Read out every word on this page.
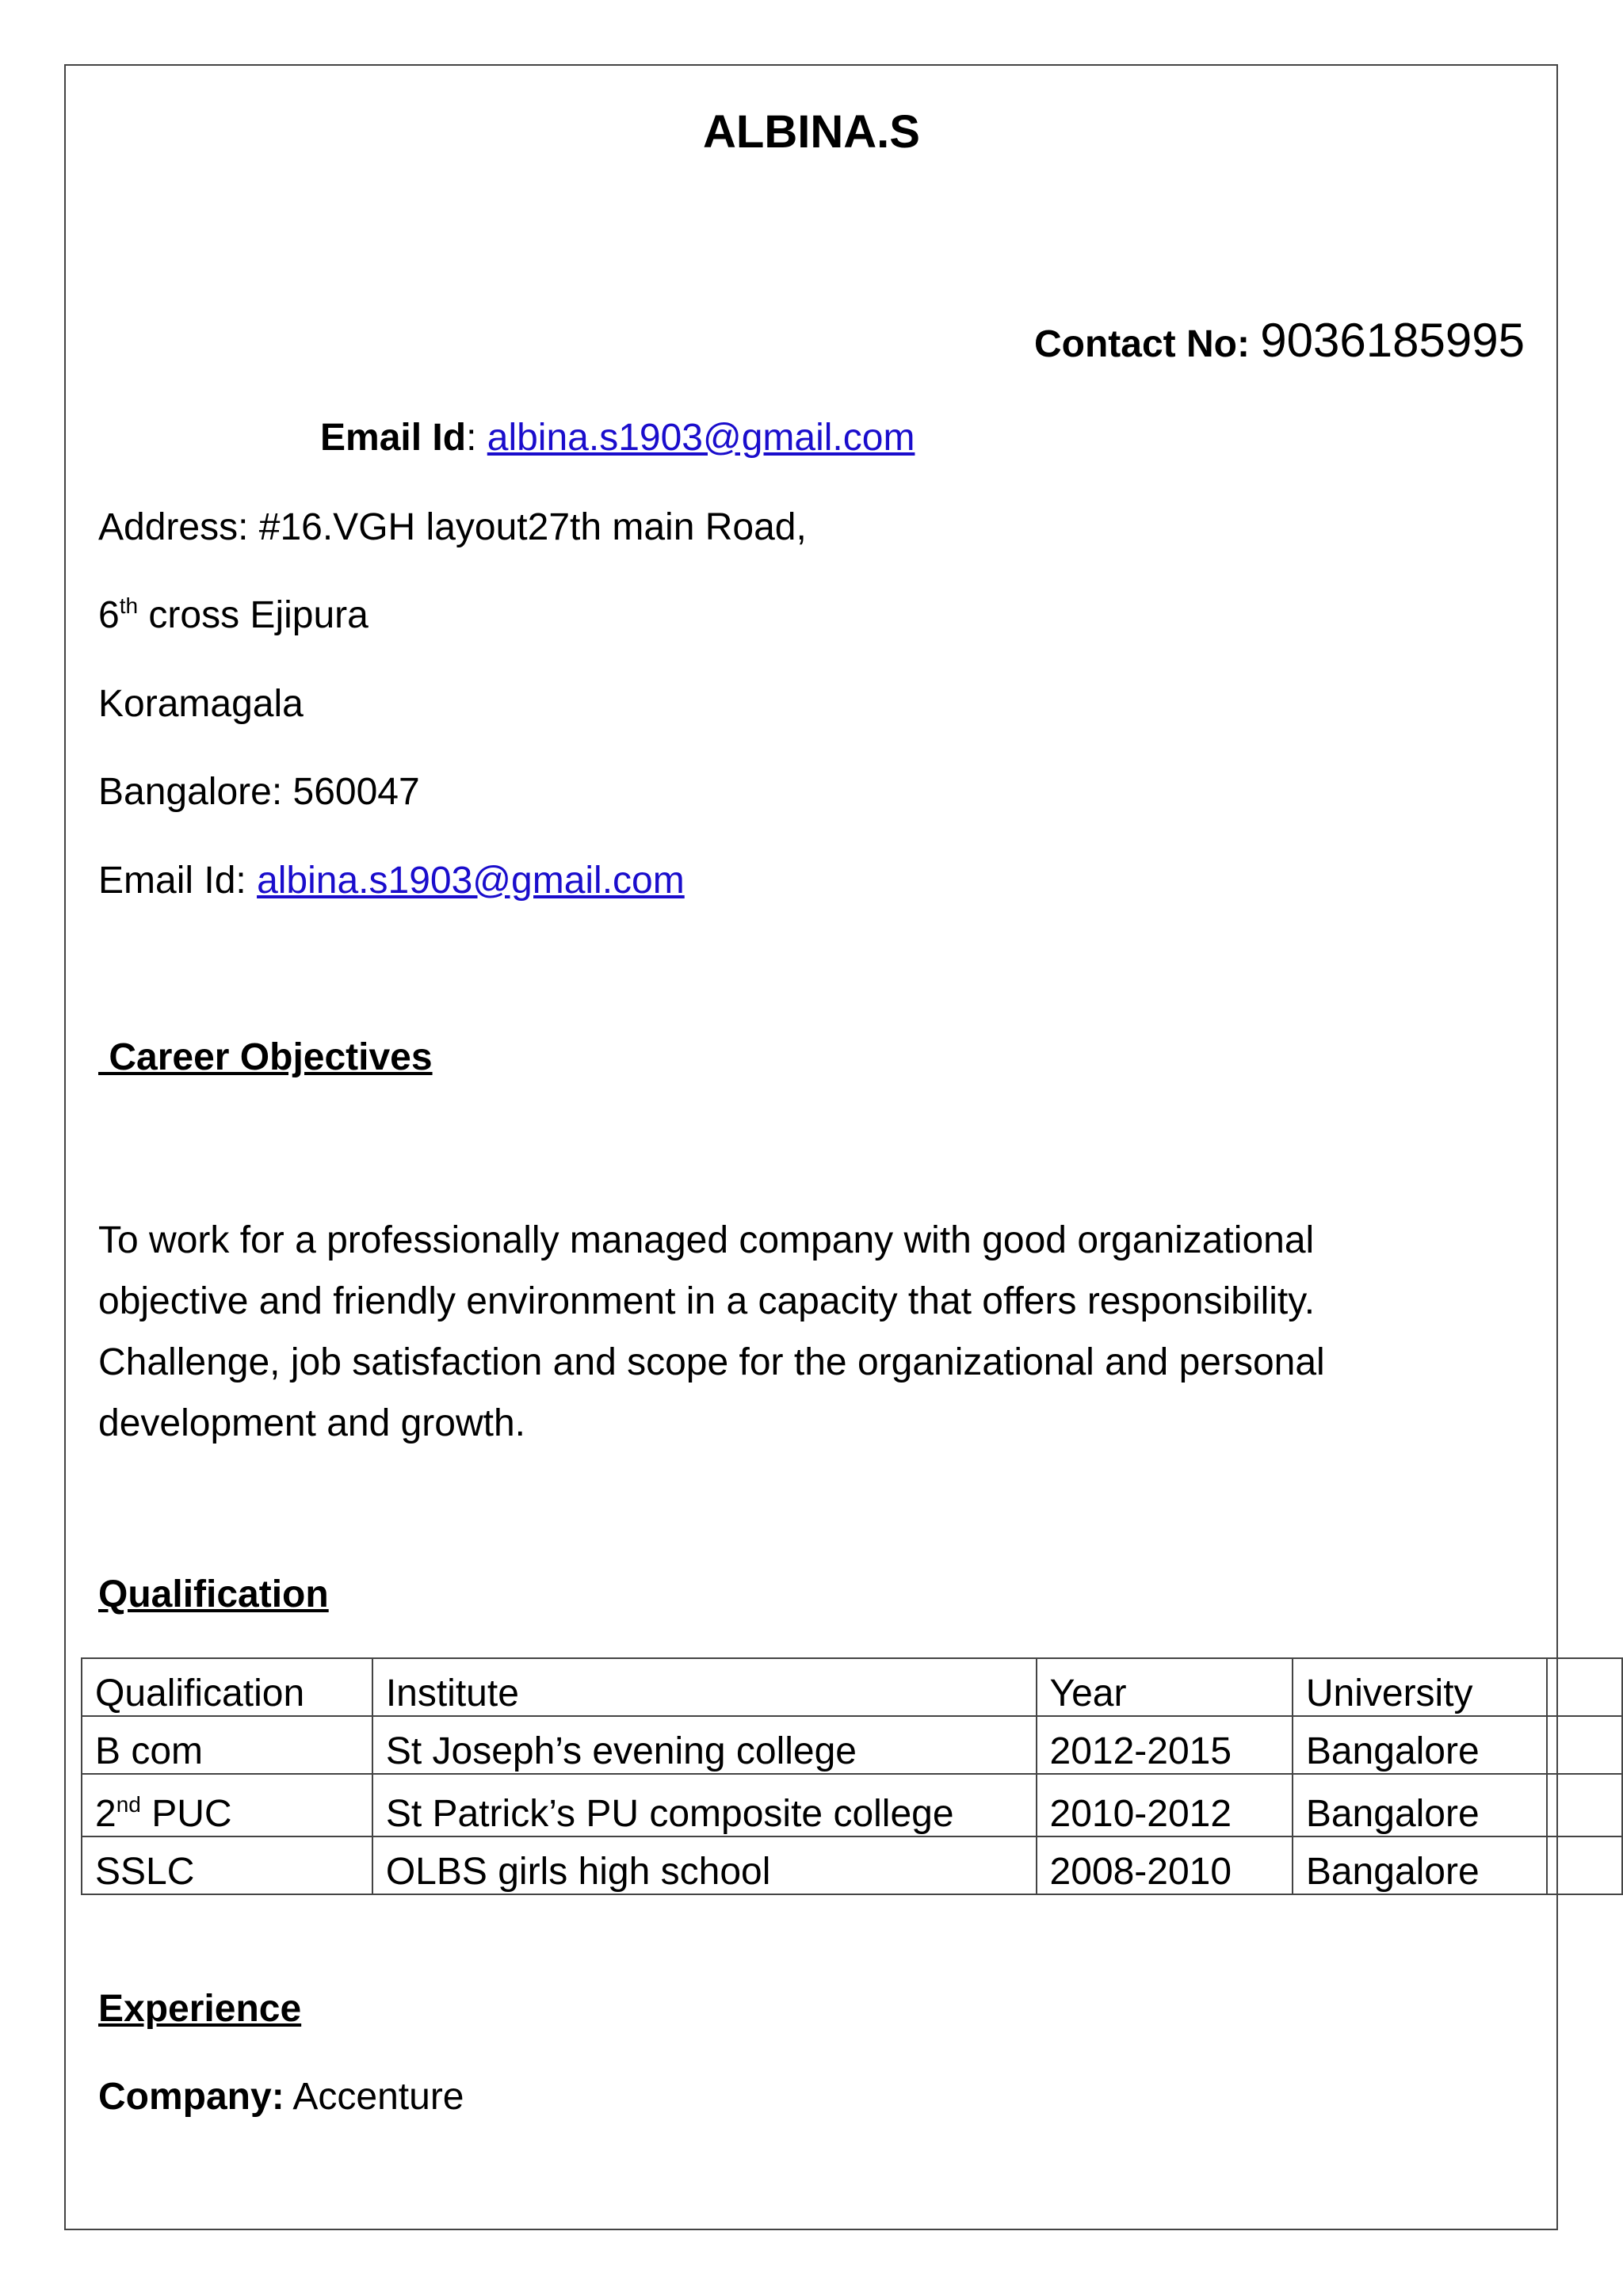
ALBINA.S
Contact No: 9036185995
Email Id: albina.s1903@gmail.com
Address: #16.VGH layout27th main Road,
6th cross Ejipura
Koramagala
Bangalore: 560047
Email Id: albina.s1903@gmail.com
Career Objectives
To work for a professionally managed company with good organizational
objective and friendly environment in a capacity that offers responsibility.
Challenge, job satisfaction and scope for the organizational and personal
development and growth.
Qualification
Qualification	Institute	Year	University	
B com	St Joseph’s evening college	2012-2015	Bangalore	
2nd PUC	St Patrick’s PU composite college	2010-2012	Bangalore	
SSLC	OLBS girls high school	2008-2010	Bangalore	
Experience
Company: Accenture
